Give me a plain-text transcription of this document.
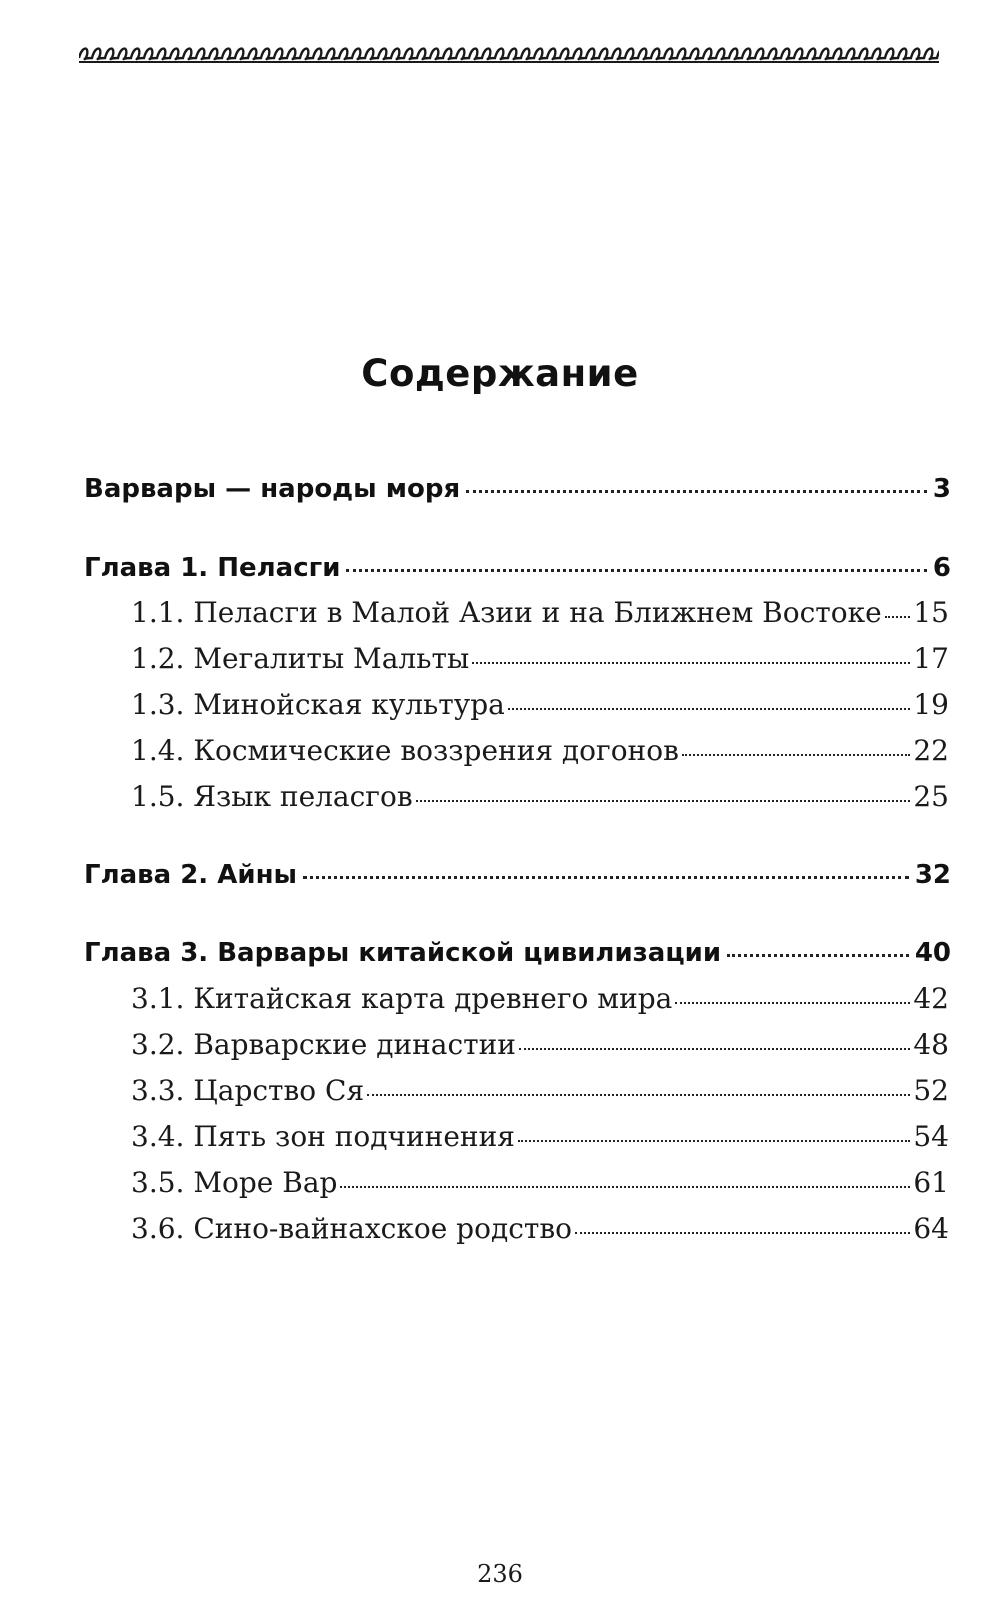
Содержание
Варвары — народы моря	3
Глава 1. Пеласги	6
1.1. Пеласги в Малой Азии и на Ближнем Востоке 15
1.2. Мегалиты Мальты	17
1.3. Минойская культура	19
1.4. Космические воззрения догонов	22
1.5. Язык пеласгов	25
Глава 2. Айны	32
Глава 3. Варвары китайской цивилизации	40
3.1. Китайская карта древнего мира	42
3.2. Варварские династии	48
3.3. Царство Ся	52
3.4. Пять зон подчинения	54
3.5. Море Вар	61
3.6. Сино-вайнахское родство	64
236
